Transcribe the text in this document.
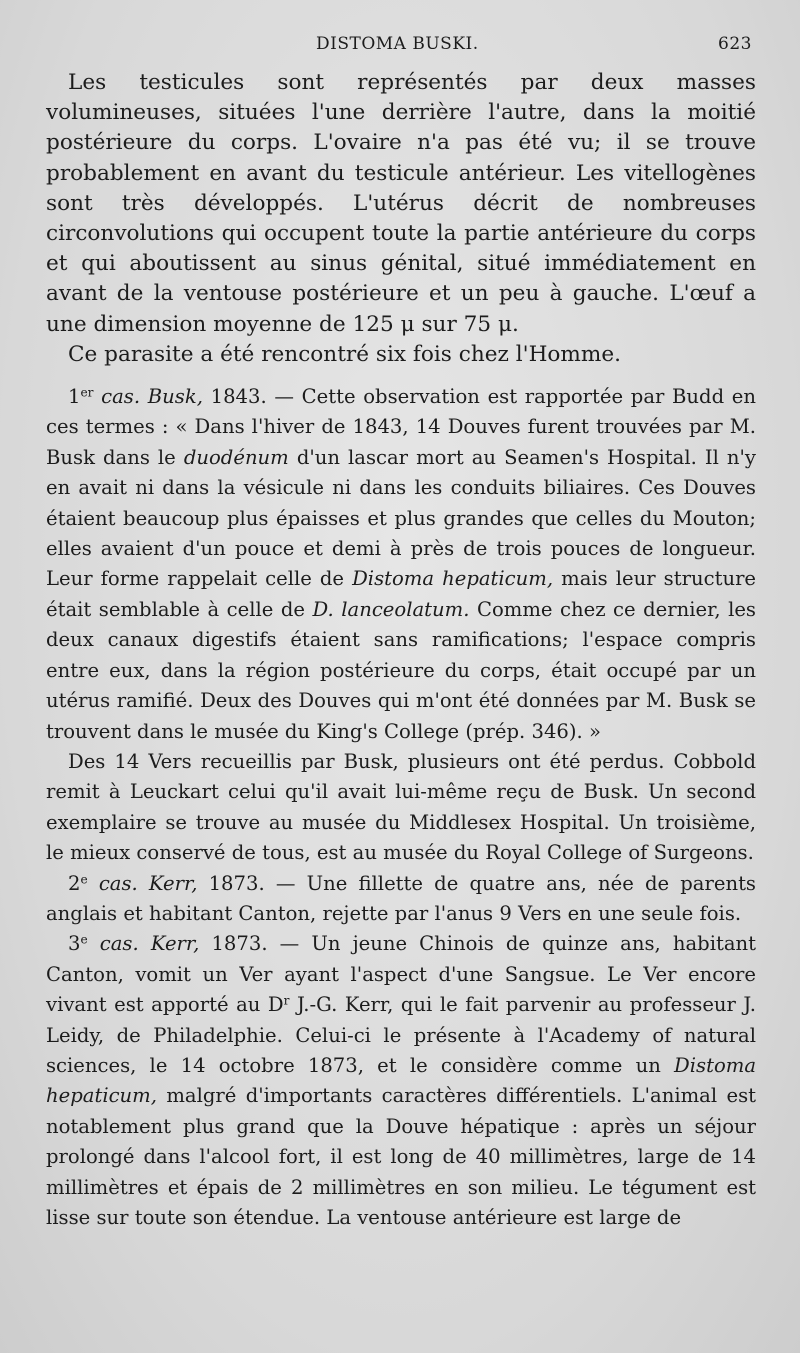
DISTOMA BUSKI.	623

Les testicules sont représentés par deux masses volumineuses, situées l'une derrière l'autre, dans la moitié postérieure du corps. L'ovaire n'a pas été vu; il se trouve probablement en avant du testicule antérieur. Les vitellogènes sont très développés. L'utérus décrit de nombreuses circonvolutions qui occupent toute la partie antérieure du corps et qui aboutissent au sinus génital, situé immédiatement en avant de la ventouse postérieure et un peu à gauche. L'œuf a une dimension moyenne de 125 μ sur 75 μ.

Ce parasite a été rencontré six fois chez l'Homme.

1er cas. Busk, 1843. — Cette observation est rapportée par Budd en ces termes : « Dans l'hiver de 1843, 14 Douves furent trouvées par M. Busk dans le duodénum d'un lascar mort au Seamen's Hospital. Il n'y en avait ni dans la vésicule ni dans les conduits biliaires. Ces Douves étaient beaucoup plus épaisses et plus grandes que celles du Mouton; elles avaient d'un pouce et demi à près de trois pouces de longueur. Leur forme rappelait celle de Distoma hepaticum, mais leur structure était semblable à celle de D. lanceolatum. Comme chez ce dernier, les deux canaux digestifs étaient sans ramifications; l'espace compris entre eux, dans la région postérieure du corps, était occupé par un utérus ramifié. Deux des Douves qui m'ont été données par M. Busk se trouvent dans le musée du King's College (prép. 346). »

Des 14 Vers recueillis par Busk, plusieurs ont été perdus. Cobbold remit à Leuckart celui qu'il avait lui-même reçu de Busk. Un second exemplaire se trouve au musée du Middlesex Hospital. Un troisième, le mieux conservé de tous, est au musée du Royal College of Surgeons.

2e cas. Kerr, 1873. — Une fillette de quatre ans, née de parents anglais et habitant Canton, rejette par l'anus 9 Vers en une seule fois.

3e cas. Kerr, 1873. — Un jeune Chinois de quinze ans, habitant Canton, vomit un Ver ayant l'aspect d'une Sangsue. Le Ver encore vivant est apporté au $D^r$ J.-G. Kerr, qui le fait parvenir au professeur J. Leidy, de Philadelphie. Celui-ci le présente à l'Academy of natural sciences, le 14 octobre 1873, et le considère comme un Distoma hepaticum, malgré d'importants caractères différentiels. L'animal est notablement plus grand que la Douve hépatique : après un séjour prolongé dans l'alcool fort, il est long de 40 millimètres, large de 14 millimètres et épais de 2 millimètres en son milieu. Le tégument est lisse sur toute son étendue. La ventouse antérieure est large de
